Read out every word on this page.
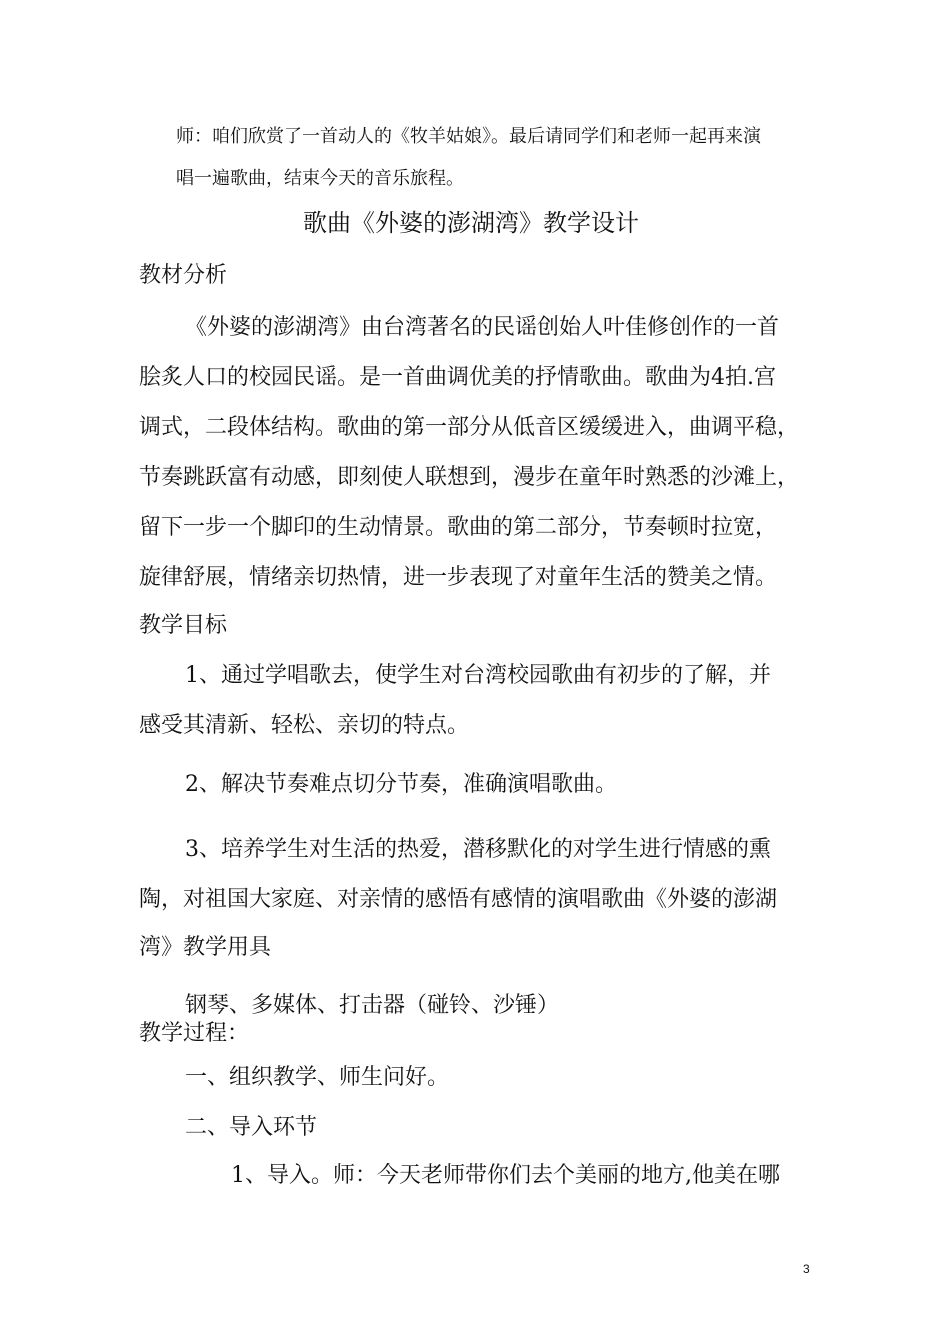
师：咱们欣赏了一首动人的《牧羊姑娘》。最后请同学们和老师一起再来演

唱一遍歌曲，结束今天的音乐旅程。

歌曲《外婆的澎湖湾》教学设计

教材分析

《外婆的澎湖湾》由台湾著名的民谣创始人叶佳修创作的一首

脍炙人口的校园民谣。是一首曲调优美的抒情歌曲。歌曲为4拍.宫

调式，二段体结构。歌曲的第一部分从低音区缓缓进入，曲调平稳，

节奏跳跃富有动感，即刻使人联想到，漫步在童年时熟悉的沙滩上，

留下一步一个脚印的生动情景。歌曲的第二部分，节奏顿时拉宽，

旋律舒展，情绪亲切热情，进一步表现了对童年生活的赞美之情。

教学目标

1、通过学唱歌去，使学生对台湾校园歌曲有初步的了解，并

感受其清新、轻松、亲切的特点。

2、解决节奏难点切分节奏，准确演唱歌曲。

3、培养学生对生活的热爱，潜移默化的对学生进行情感的熏

陶，对祖国大家庭、对亲情的感悟有感情的演唱歌曲《外婆的澎湖

湾》教学用具

钢琴、多媒体、打击器（碰铃、沙锤）

教学过程：

一、组织教学、师生问好。

二、导入环节

1、导入。师：今天老师带你们去个美丽的地方,他美在哪

3
